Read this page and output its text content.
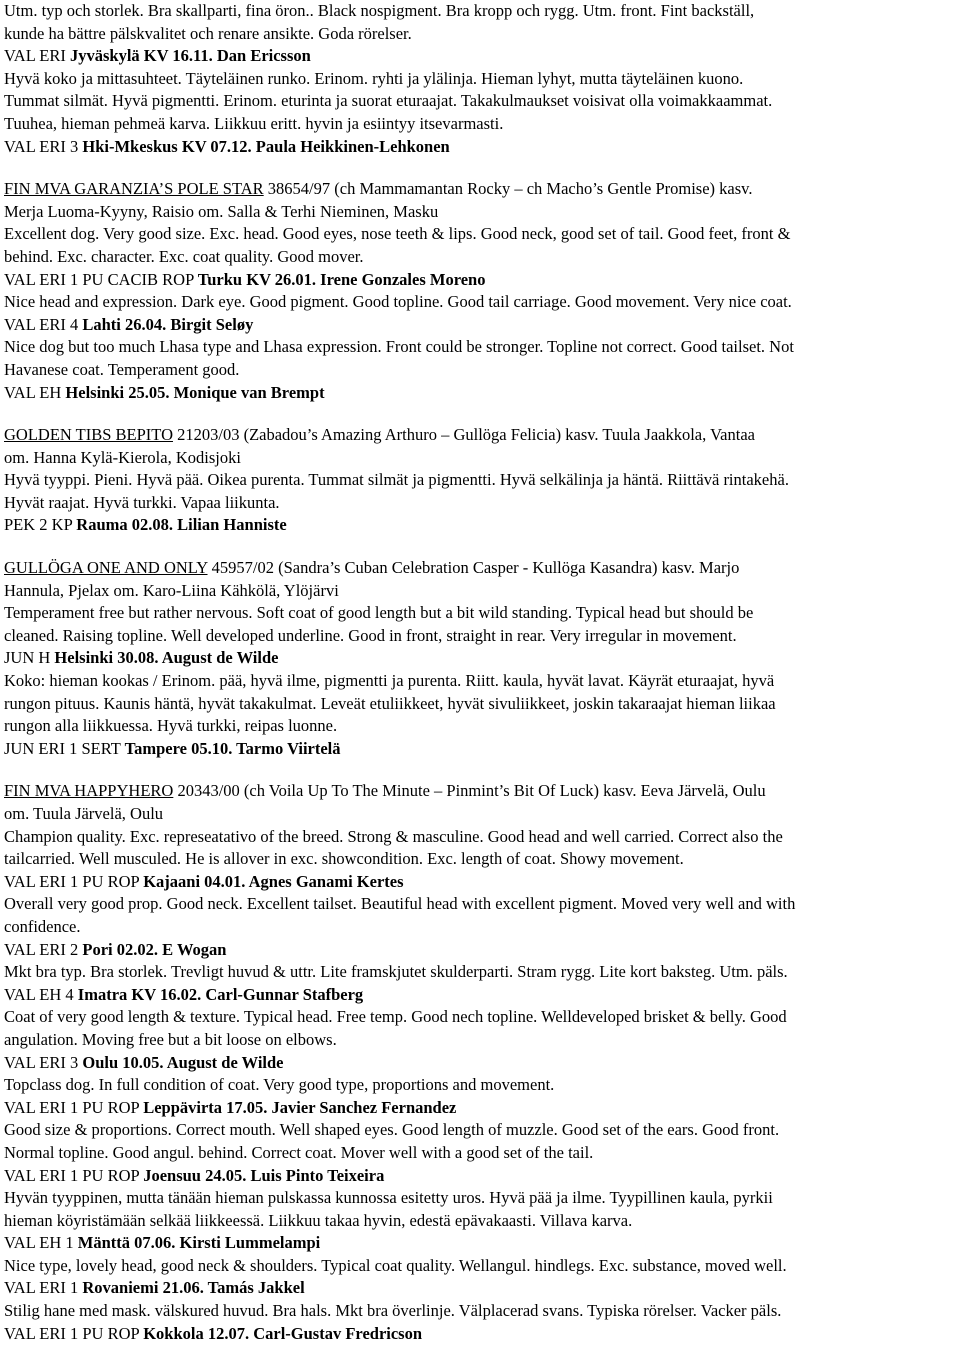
Utm. typ och storlek. Bra skallparti, fina öron.. Black nospigment. Bra kropp och rygg. Utm. front. Fint backställ,
kunde ha bättre pälskvalitet och renare ansikte. Goda rörelser.
VAL ERI Jyväskylä KV 16.11. Dan Ericsson
Hyvä koko ja mittasuhteet. Täyteläinen runko. Erinom. ryhti ja ylälinja. Hieman lyhyt, mutta täyteläinen kuono.
Tummat silmät. Hyvä pigmentti. Erinom. eturinta ja suorat eturaajat. Takakulmaukset voisivat olla voimakkaammat.
Tuuhea, hieman pehmeä karva. Liikkuu eritt. hyvin ja esiintyy itsevarmasti.
VAL ERI 3 Hki-Mkeskus KV 07.12. Paula Heikkinen-Lehkonen
FIN MVA GARANZIA’S POLE STAR 38654/97 (ch Mammamantan Rocky – ch Macho’s Gentle Promise) kasv.
Merja Luoma-Kyyny, Raisio om. Salla & Terhi Nieminen, Masku
Excellent dog. Very good size. Exc. head. Good eyes, nose teeth & lips. Good neck, good set of tail. Good feet, front &
behind. Exc. character. Exc. coat quality. Good mover.
VAL ERI 1 PU CACIB ROP Turku KV 26.01. Irene Gonzales Moreno
Nice head and expression. Dark eye. Good pigment. Good topline. Good tail carriage. Good movement. Very nice coat.
VAL ERI 4 Lahti 26.04. Birgit Seløy
Nice dog but too much Lhasa type and Lhasa expression. Front could be stronger. Topline not correct. Good tailset. Not
Havanese coat. Temperament good.
VAL EH Helsinki 25.05. Monique van Brempt
GOLDEN TIBS BEPITO 21203/03 (Zabadou’s Amazing Arthuro – Gullöga Felicia) kasv. Tuula Jaakkola, Vantaa
om. Hanna Kylä-Kierola, Kodisjoki
Hyvä tyyppi. Pieni. Hyvä pää. Oikea purenta. Tummat silmät ja pigmentti. Hyvä selkälinja ja häntä. Riittävä rintakehä.
Hyvät raajat. Hyvä turkki. Vapaa liikunta.
PEK 2 KP Rauma 02.08. Lilian Hanniste
GULLÖGA ONE AND ONLY 45957/02 (Sandra’s Cuban Celebration Casper - Kullöga Kasandra) kasv. Marjo
Hannula, Pjelax om. Karo-Liina Kähkölä, Ylöjärvi
Temperament free but rather nervous. Soft coat of good length but a bit wild standing. Typical head but should be
cleaned. Raising topline. Well developed underline. Good in front, straight in rear. Very irregular in movement.
JUN H Helsinki 30.08. August de Wilde
Koko: hieman kookas / Erinom. pää, hyvä ilme, pigmentti ja purenta. Riitt. kaula, hyvät lavat. Käyrät eturaajat, hyvä
rungon pituus. Kaunis häntä, hyvät takakulmat. Leveät etuliikkeet, hyvät sivuliikkeet, joskin takaraajat hieman liikaa
rungon alla liikkuessa. Hyvä turkki, reipas luonne.
JUN ERI 1 SERT Tampere 05.10. Tarmo Viirtelä
FIN MVA HAPPYHERO 20343/00 (ch Voila Up To The Minute – Pinmint’s Bit Of Luck) kasv. Eeva Järvelä, Oulu
om. Tuula Järvelä, Oulu
Champion quality. Exc. represeatativo of the breed. Strong & masculine. Good head and well carried. Correct also the
tailcarried. Well musculed. He is allover in exc. showcondition. Exc. length of coat. Showy movement.
VAL ERI 1 PU ROP Kajaani 04.01. Agnes Ganami Kertes
Overall very good prop. Good neck. Excellent tailset. Beautiful head with excellent pigment. Moved very well and with
confidence.
VAL ERI 2 Pori 02.02. E Wogan
Mkt bra typ. Bra storlek. Trevligt huvud & uttr. Lite framskjutet skulderparti. Stram rygg. Lite kort baksteg. Utm. päls.
VAL EH 4 Imatra KV 16.02. Carl-Gunnar Stafberg
Coat of very good length & texture. Typical head. Free temp. Good nech topline. Welldeveloped brisket & belly. Good
angulation. Moving free but a bit loose on elbows.
VAL ERI 3 Oulu 10.05. August de Wilde
Topclass dog. In full condition of coat. Very good type, proportions and movement.
VAL ERI 1 PU ROP Leppävirta 17.05. Javier Sanchez Fernandez
Good size & proportions. Correct mouth. Well shaped eyes. Good length of muzzle. Good set of the ears. Good front.
Normal topline. Good angul. behind. Correct coat. Mover well with a good set of the tail.
VAL ERI 1 PU ROP Joensuu 24.05. Luis Pinto Teixeira
Hyvän tyyppinen, mutta tänään hieman pulskassa kunnossa esitetty uros. Hyvä pää ja ilme. Tyypillinen kaula, pyrkii
hieman köyristämään selkää liikkeessä. Liikkuu takaa hyvin, edestä epävakaasti. Villava karva.
VAL EH 1 Mänttä 07.06. Kirsti Lummelampi
Nice type, lovely head, good neck & shoulders. Typical coat quality. Wellangul. hindlegs. Exc. substance, moved well.
VAL ERI 1 Rovaniemi 21.06. Tamás Jakkel
Stilig hane med mask. välskured huvud. Bra hals. Mkt bra överlinje. Välplacerad svans. Typiska rörelser. Vacker päls.
VAL ERI 1 PU ROP Kokkola 12.07. Carl-Gustav Fredricson
